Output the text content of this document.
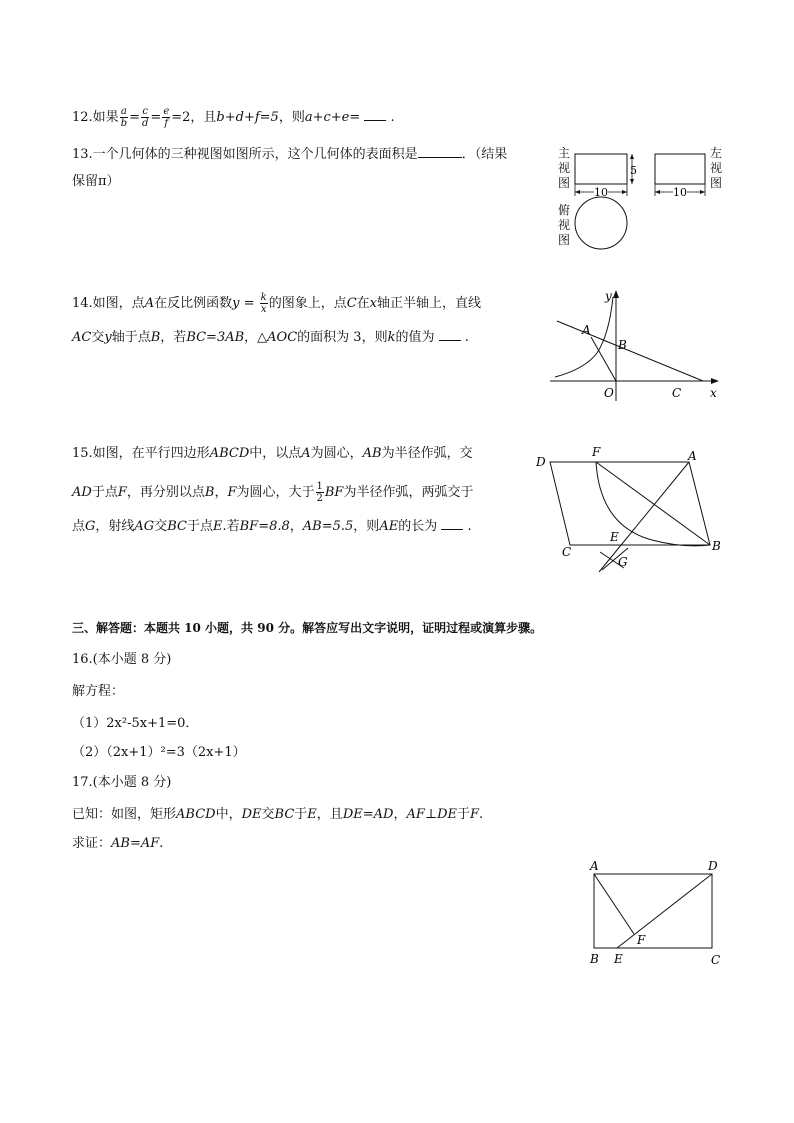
12.如果 $\frac{a}{b} = \frac{c}{d} = \frac{e}{f} =2$，且b+d+f=5，则a+c+e= .
13.一个几何体的三种视图如图所示，这个几何体的表面积是	．（结果
保留π）
主
视
图
俯
视
图
左
视
图
5
10	10
14.如图，点A在反比例函数$y = \frac{k}{x}$ 的图象上，点C在x轴正半轴上，直线
AC交y轴于点B，若BC=3AB，△AOC的面积为 3，则k的值为 .
y
x
A
B
O	C
15.如图，在平行四边形ABCD中，以点A为圆心，AB为半径作弧，交
AD于点F，再分别以点B，F为圆心，大于 $\frac{1}{2}$ BF为半径作弧，两弧交于
点G，射线AG交BC于点E.若BF=8.8，AB=5.5，则AE的长为 .
D
F	A
C
E
B
G
三、解答题：本题共 10 小题，共 90 分。解答应写出文字说明，证明过程或演算步骤。
16.(本小题 8 分)
解方程：
（1）2x²-5x+1=0．
（2）（2x+1）²=3（2x+1）
17.(本小题 8 分)
已知：如图，矩形ABCD中，DE交BC于E，且DE=AD，AF⊥DE于F.
求证：AB=AF.
A	D
F
B E	C
